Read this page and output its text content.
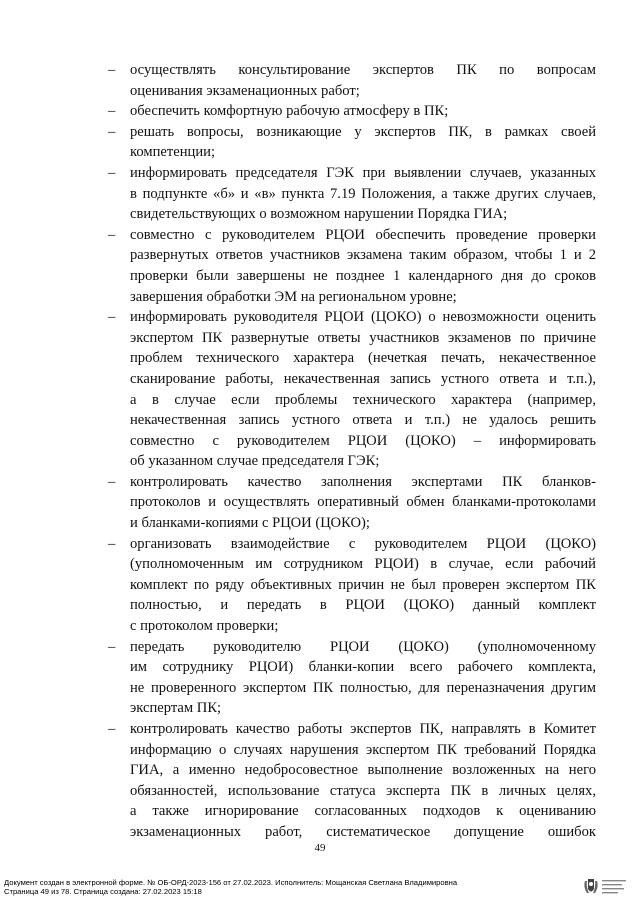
–	осуществлять консультирование экспертов ПК по вопросам
оценивания экзаменационных работ;
–	обеспечить комфортную рабочую атмосферу в ПК;
–	решать вопросы, возникающие у экспертов ПК, в рамках своей
компетенции;
–	информировать председателя ГЭК при выявлении случаев, указанных
в подпункте «б» и «в» пункта 7.19 Положения, а также других случаев,
свидетельствующих о возможном нарушении Порядка ГИА;
–	совместно с руководителем РЦОИ обеспечить проведение проверки
развернутых ответов участников экзамена таким образом, чтобы 1 и 2
проверки были завершены не позднее 1 календарного дня до сроков
завершения обработки ЭМ на региональном уровне;
–	информировать руководителя РЦОИ (ЦОКО) о невозможности оценить
экспертом ПК развернутые ответы участников экзаменов по причине
проблем технического характера (нечеткая печать, некачественное
сканирование работы, некачественная запись устного ответа и т.п.),
а в случае если проблемы технического характера (например,
некачественная запись устного ответа и т.п.) не удалось решить
совместно с руководителем РЦОИ (ЦОКО) – информировать
об указанном случае председателя ГЭК;
–	контролировать качество заполнения экспертами ПК бланков-
протоколов и осуществлять оперативный обмен бланками-протоколами
и бланками-копиями с РЦОИ (ЦОКО);
–	организовать взаимодействие с руководителем РЦОИ (ЦОКО)
(уполномоченным им сотрудником РЦОИ) в случае, если рабочий
комплект по ряду объективных причин не был проверен экспертом ПК
полностью, и передать в РЦОИ (ЦОКО) данный комплект
с протоколом проверки;
–	передать руководителю РЦОИ (ЦОКО) (уполномоченному
им сотруднику РЦОИ) бланки-копии всего рабочего комплекта,
не проверенного экспертом ПК полностью, для переназначения другим
экспертам ПК;
–	контролировать качество работы экспертов ПК, направлять в Комитет
информацию о случаях нарушения экспертом ПК требований Порядка
ГИА, а именно недобросовестное выполнение возложенных на него
обязанностей, использование статуса эксперта ПК в личных целях,
а также игнорирование согласованных подходов к оцениванию
экзаменационных работ, систематическое допущение ошибок
49
Документ создан в электронной форме. № ОБ-ОРД-2023-156 от 27.02.2023. Исполнитель: Мощанская Светлана Владимировна
Страница 49 из 78. Страница создана: 27.02.2023 15:18
